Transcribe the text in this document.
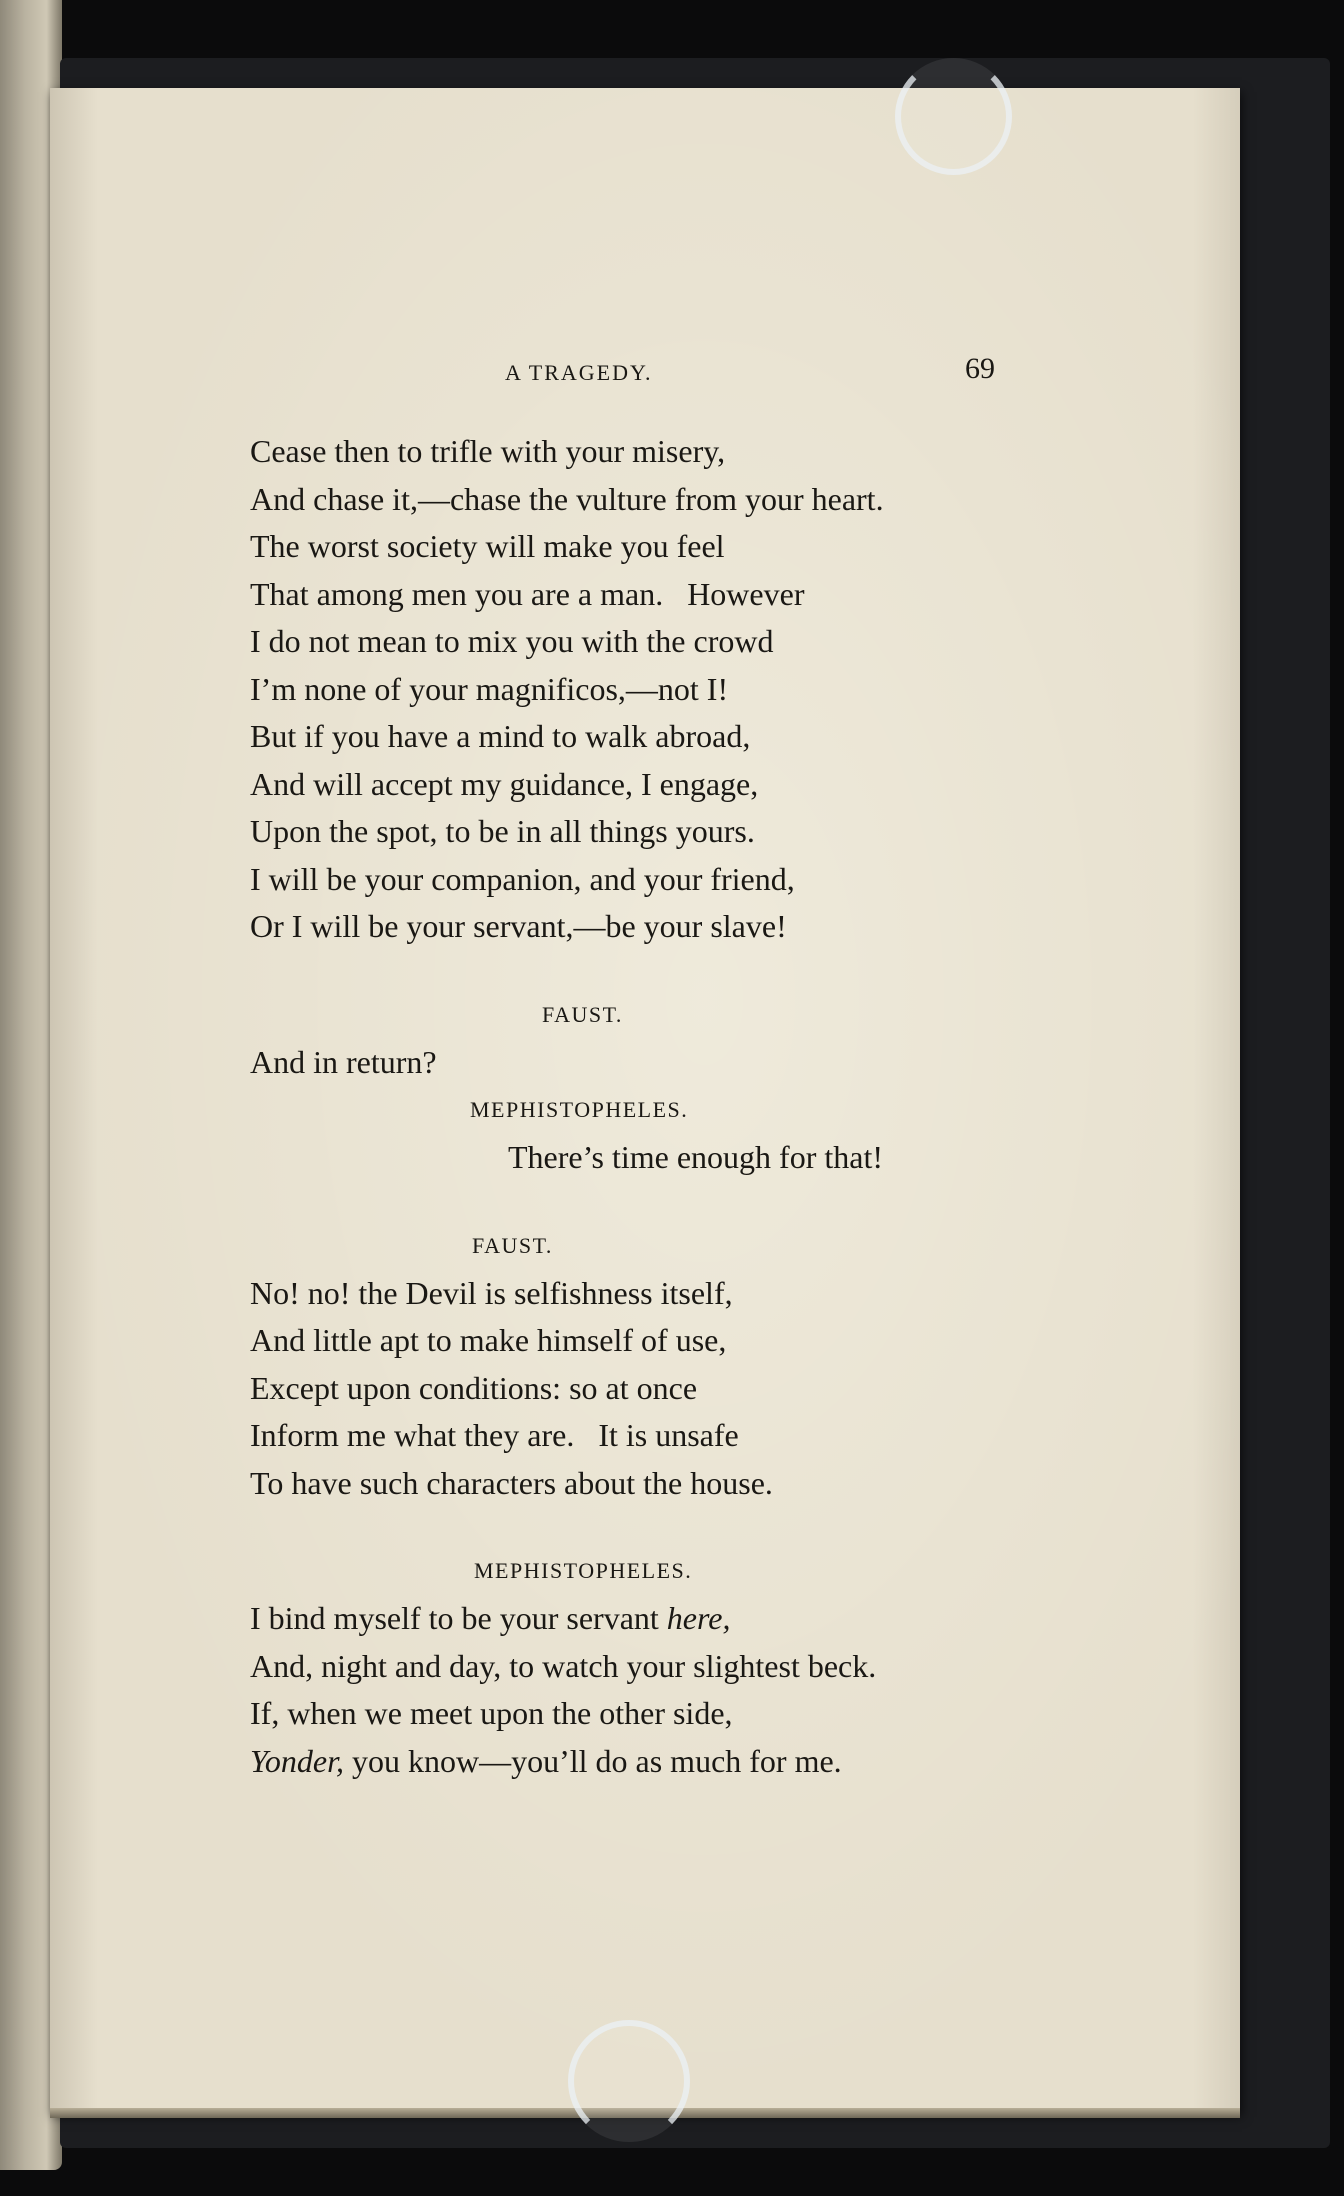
A TRAGEDY.	69
Cease then to trifle with your misery,
And chase it,—chase the vulture from your heart.
The worst society will make you feel
That among men you are a man.   However
I do not mean to mix you with the crowd
I’m none of your magnificos,—not I!
But if you have a mind to walk abroad,
And will accept my guidance, I engage,
Upon the spot, to be in all things yours.
I will be your companion, and your friend,
Or I will be your servant,—be your slave!
FAUST.
And in return?
MEPHISTOPHELES.
There’s time enough for that!
FAUST.
No! no! the Devil is selfishness itself,
And little apt to make himself of use,
Except upon conditions: so at once
Inform me what they are.   It is unsafe
To have such characters about the house.
MEPHISTOPHELES.
I bind myself to be your servant here,
And, night and day, to watch your slightest beck.
If, when we meet upon the other side,
Yonder, you know—you’ll do as much for me.
